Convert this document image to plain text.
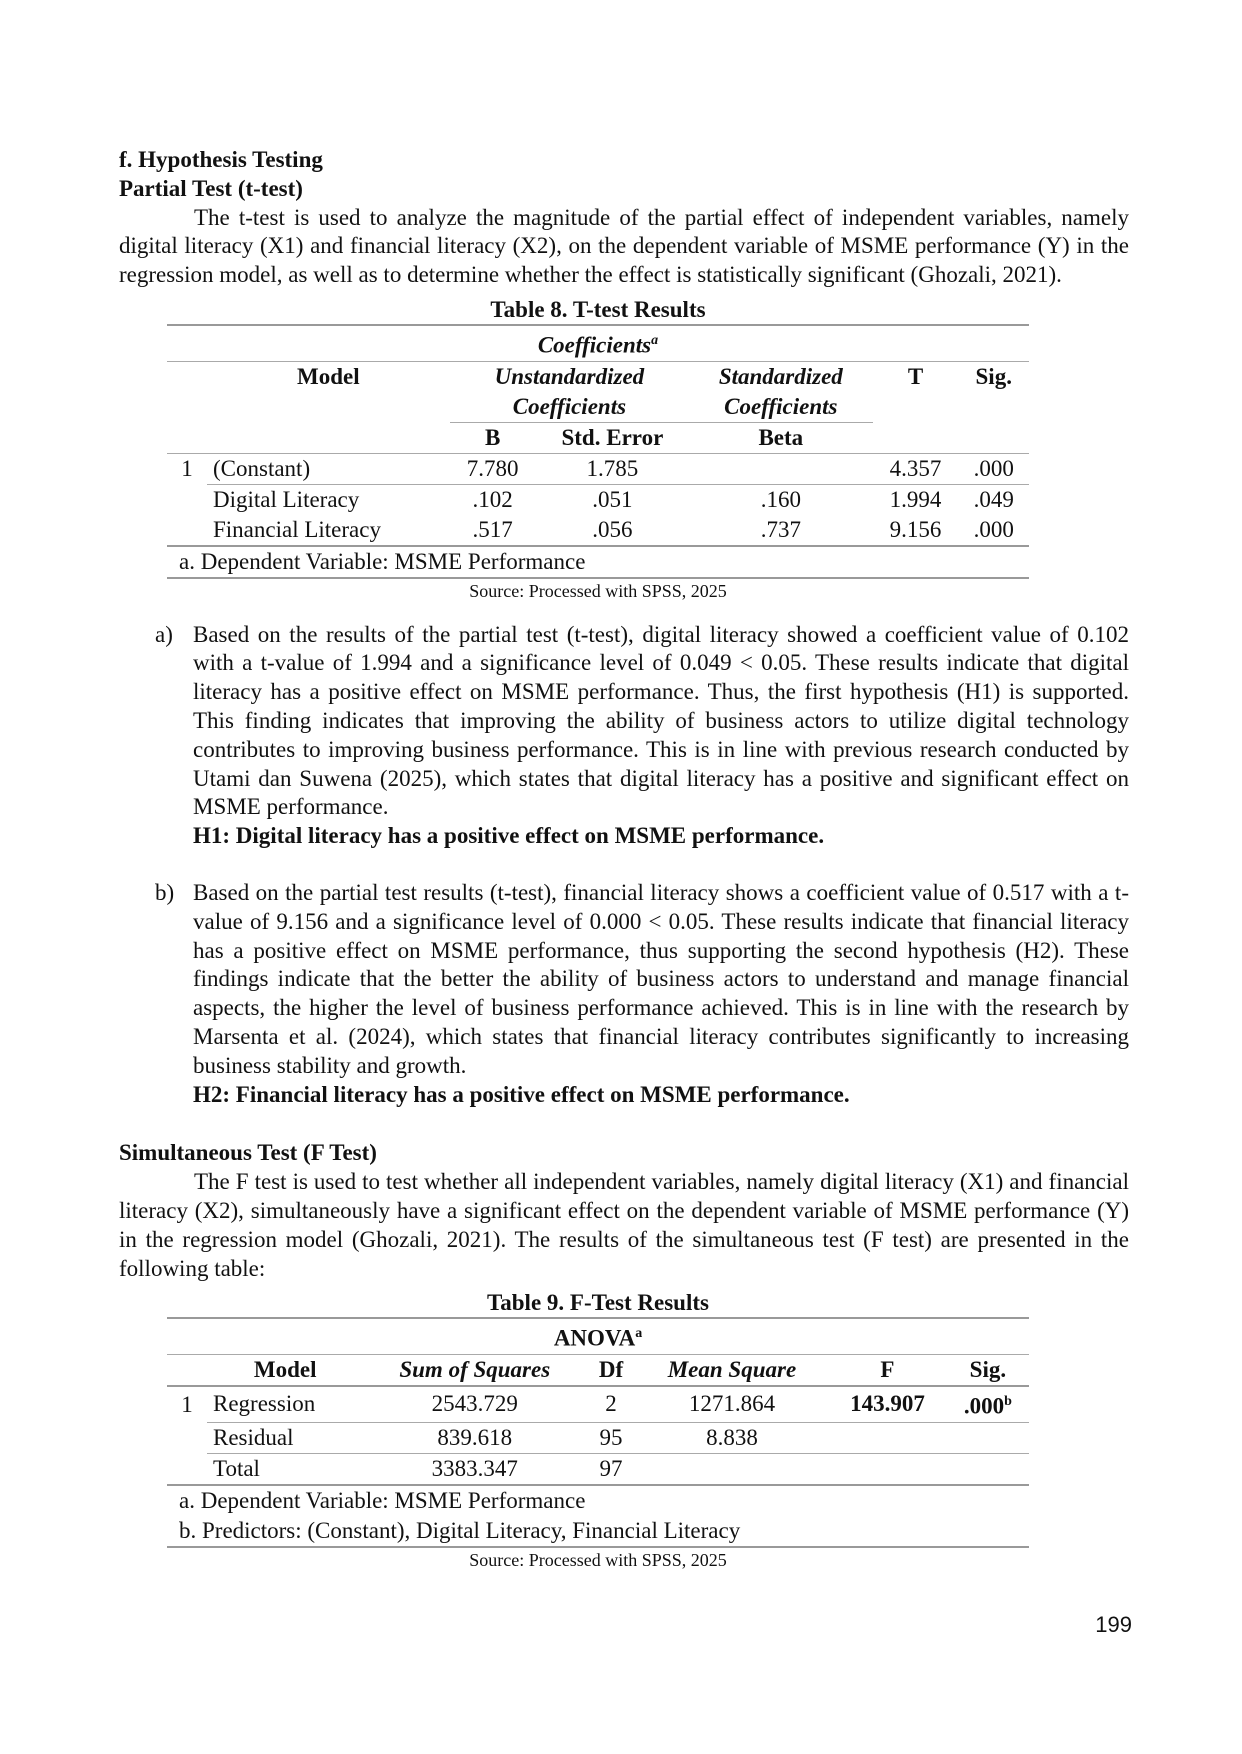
f. Hypothesis Testing
Partial Test (t-test)

The t-test is used to analyze the magnitude of the partial effect of independent variables, namely digital literacy (X1) and financial literacy (X2), on the dependent variable of MSME performance (Y) in the regression model, as well as to determine whether the effect is statistically significant (Ghozali, 2021).

Table 8. T-test Results
Coefficients$^a$
	Model	Unstandardized		Standardized	T	Sig.
		Coefficients		Coefficients		
		B	Std. Error	Beta		
1	(Constant)	7.780	1.785		4.357	.000
	Digital Literacy	.102	.051	.160	1.994	.049
	Financial Literacy	.517	.056	.737	9.156	.000
a. Dependent Variable: MSME Performance						
Source: Processed with SPSS, 2025
a) Based on the results of the partial test (t-test), digital literacy showed a coefficient value of 0.102 with a t-value of 1.994 and a significance level of 0.049 < 0.05. These results indicate that digital literacy has a positive effect on MSME performance. Thus, the first hypothesis (H1) is supported. This finding indicates that improving the ability of business actors to utilize digital technology contributes to improving business performance. This is in line with previous research conducted by Utami dan Suwena (2025), which states that digital literacy has a positive and significant effect on MSME performance.

H1: Digital literacy has a positive effect on MSME performance.
b) Based on the partial test results (t-test), financial literacy shows a coefficient value of 0.517 with a t-value of 9.156 and a significance level of 0.000 < 0.05. These results indicate that financial literacy has a positive effect on MSME performance, thus supporting the second hypothesis (H2). These findings indicate that the better the ability of business actors to understand and manage financial aspects, the higher the level of business performance achieved. This is in line with the research by Marsenta et al. (2024), which states that financial literacy contributes significantly to increasing business stability and growth.

H2: Financial literacy has a positive effect on MSME performance.
Simultaneous Test (F Test)

The F test is used to test whether all independent variables, namely digital literacy (X1) and financial literacy (X2), simultaneously have a significant effect on the dependent variable of MSME performance (Y) in the regression model (Ghozali, 2021). The results of the simultaneous test (F test) are presented in the following table:

Table 9. F-Test Results
ANOVA$^a$
	Model	Sum of Squares	Df	Mean Square	F	Sig.
1	Regression	2543.729	2	1271.864	143.907	.000$^b$
	Residual	839.618	95	8.838		
	Total	3383.347	97			
a. Dependent Variable: MSME Performance						
b. Predictors: (Constant), Digital Literacy, Financial Literacy						
Source: Processed with SPSS, 2025
199
